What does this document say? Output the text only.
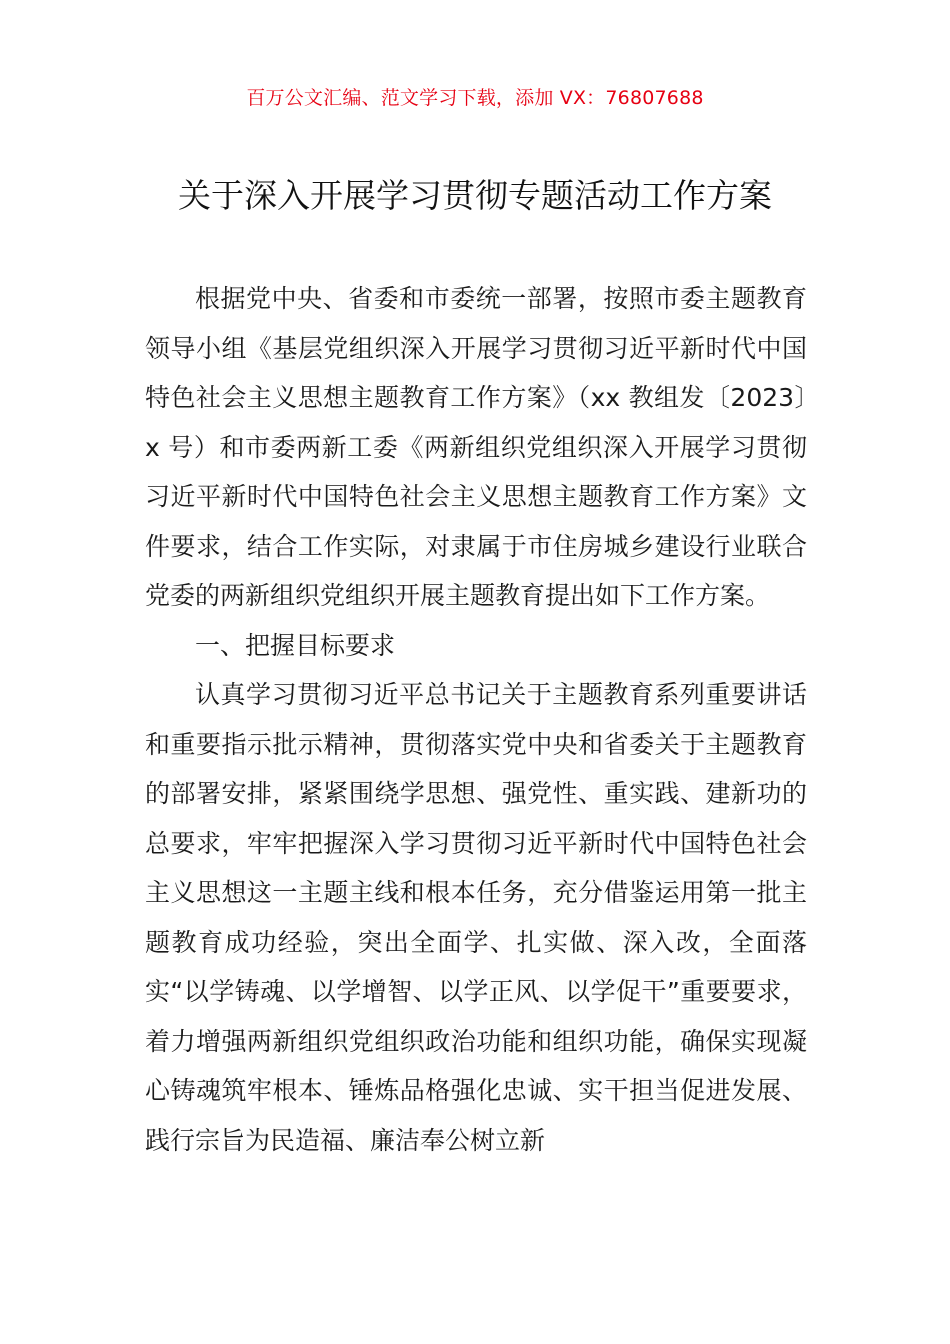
百万公文汇编、范文学习下载，添加 VX：76807688
关于深入开展学习贯彻专题活动工作方案

根据党中央、省委和市委统一部署，按照市委主题教育领导小组《基层党组织深入开展学习贯彻习近平新时代中国特色社会主义思想主题教育工作方案》（xx 教组发〔2023〕x 号）和市委两新工委《两新组织党组织深入开展学习贯彻习近平新时代中国特色社会主义思想主题教育工作方案》文件要求，结合工作实际，对隶属于市住房城乡建设行业联合党委的两新组织党组织开展主题教育提出如下工作方案。

一、把握目标要求

认真学习贯彻习近平总书记关于主题教育系列重要讲话和重要指示批示精神，贯彻落实党中央和省委关于主题教育的部署安排，紧紧围绕学思想、强党性、重实践、建新功的总要求，牢牢把握深入学习贯彻习近平新时代中国特色社会主义思想这一主题主线和根本任务，充分借鉴运用第一批主题教育成功经验，突出全面学、扎实做、深入改，全面落实“以学铸魂、以学增智、以学正风、以学促干”重要要求，着力增强两新组织党组织政治功能和组织功能，确保实现凝心铸魂筑牢根本、锤炼品格强化忠诚、实干担当促进发展、践行宗旨为民造福、廉洁奉公树立新
